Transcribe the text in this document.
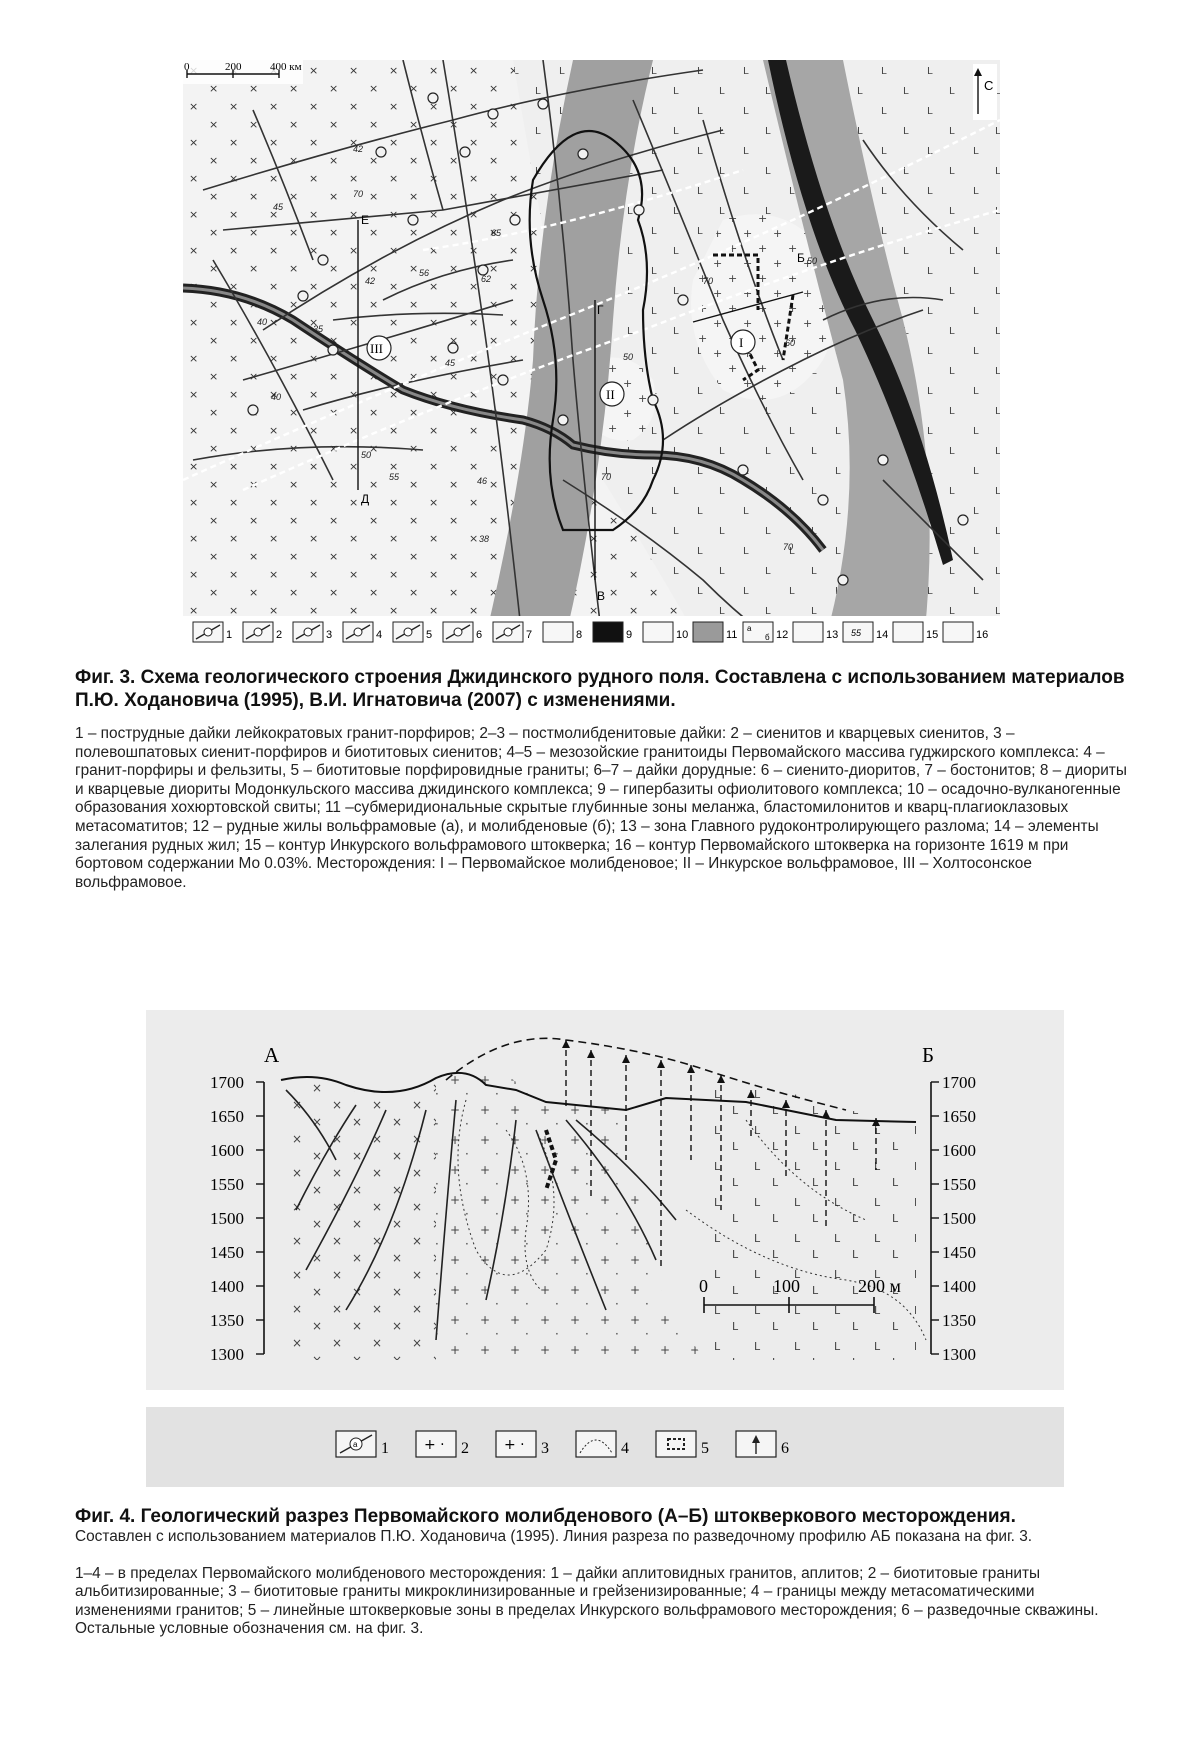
0	200	400 км
С
Е
Д
Г
В
Б
I
II
III
42
70
45
65
56
62
42
40
35
45
50
40
50
55	46
38
70
70
60
50
70
1	2	3	4	5	6	7	8	9	10	11	12	13	14	15	16
а
б	55
Фиг. 3. Схема геологического строения Джидинского рудного поля. Составлена с использованием материалов П.Ю. Ходановича (1995), В.И. Игнатовича (2007) с изменениями.
1 – пострудные дайки лейкократовых гранит-порфиров; 2–3 – постмолибденитовые дайки: 2 – сиенитов и кварцевых сиенитов, 3 – полевошпатовых сиенит-порфиров и биотитовых сиенитов; 4–5 – мезозойские гранитоиды Первомайского массива гуджирского комплекса: 4 – гранит-порфиры и фельзиты, 5 – биотитовые порфировидные граниты; 6–7 – дайки дорудные: 6 – сиенито-диоритов, 7 – бостонитов; 8 – диориты и кварцевые диориты Модонкульского массива джидинского комплекса; 9 – гипербазиты офиолитового комплекса; 10 – осадочно-вулканогенные образования хохюртовской свиты; 11 –субмеридиональные скрытые глубинные зоны меланжа, бластомилонитов и кварц-плагиоклазовых метасоматитов; 12 – рудные жилы вольфрамовые (а), и молибденовые (б); 13 – зона Главного рудоконтролирующего разлома; 14 – элементы залегания рудных жил; 15 – контур Инкурского вольфрамового штокверка; 16 – контур Первомайского штокверка на горизонте 1619 м при бортовом содержании Мо 0.03%. Месторождения: I – Первомайское молибденовое; II – Инкурское вольфрамовое, III – Холтосонское вольфрамовое.
1700	1700
1650	1650
1600	1600
1550	1550
1500	1500
1450	1450
1400	1400
1350	1350
1300	1300
0	100	200 м
А	Б
а 1	+ · 2	+ · 3	4	5	6
Фиг. 4. Геологический разрез Первомайского молибденового (А–Б) штокверкового месторождения.
Составлен с использованием материалов П.Ю. Ходановича (1995). Линия разреза по разведочному профилю АБ показана на фиг. 3.
1–4 – в пределах Первомайского молибденового месторождения: 1 – дайки аплитовидных гранитов, аплитов; 2 – биотитовые граниты альбитизированные; 3 – биотитовые граниты микроклинизированные и грейзенизированные; 4 – границы между метасоматическими изменениями гранитов; 5 – линейные штокверковые зоны в пределах Инкурского вольфрамового месторождения; 6 – разведочные скважины. Остальные условные обозначения см. на фиг. 3.
